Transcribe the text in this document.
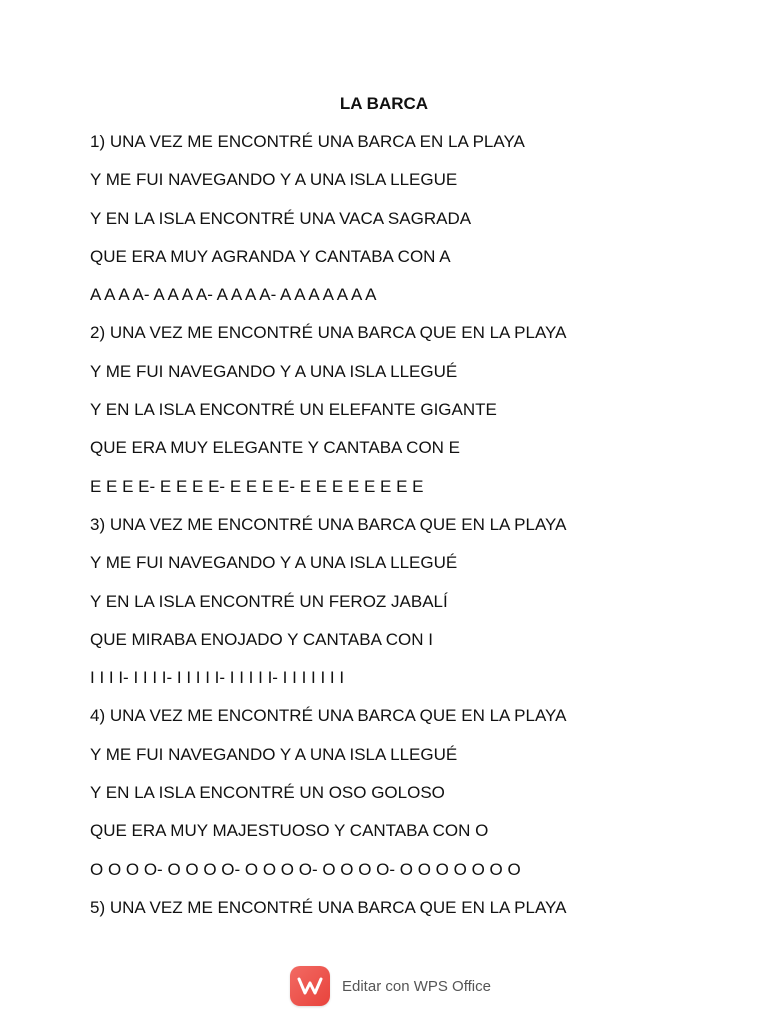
LA BARCA
1) UNA VEZ ME ENCONTRÉ UNA BARCA EN LA PLAYA
Y ME FUI NAVEGANDO Y A UNA ISLA LLEGUE
Y EN LA ISLA ENCONTRÉ UNA VACA SAGRADA
QUE ERA MUY AGRANDA Y CANTABA CON A
A A A A- A A A A- A A A A- A A A A A A A
2) UNA VEZ ME ENCONTRÉ UNA BARCA QUE EN LA PLAYA
Y ME FUI NAVEGANDO Y A UNA ISLA LLEGUÉ
Y EN LA ISLA ENCONTRÉ UN ELEFANTE GIGANTE
QUE ERA MUY ELEGANTE Y CANTABA CON E
E E E E- E E E E- E E E E- E E E E E E E E
3) UNA VEZ ME ENCONTRÉ UNA BARCA QUE EN LA PLAYA
Y ME FUI NAVEGANDO Y A UNA ISLA LLEGUÉ
Y EN LA ISLA ENCONTRÉ UN FEROZ JABALÍ
QUE MIRABA ENOJADO Y CANTABA CON I
I I I I- I I I I- I I I I I- I I I I I- I I I I I I I
4) UNA VEZ ME ENCONTRÉ UNA BARCA QUE EN LA PLAYA
Y ME FUI NAVEGANDO Y A UNA ISLA LLEGUÉ
Y EN LA ISLA ENCONTRÉ UN OSO GOLOSO
QUE ERA MUY MAJESTUOSO Y CANTABA CON O
O O O O- O O O O- O O O O- O O O O- O O O O O O O
5) UNA VEZ ME ENCONTRÉ UNA BARCA QUE EN LA PLAYA
Editar con WPS Office
